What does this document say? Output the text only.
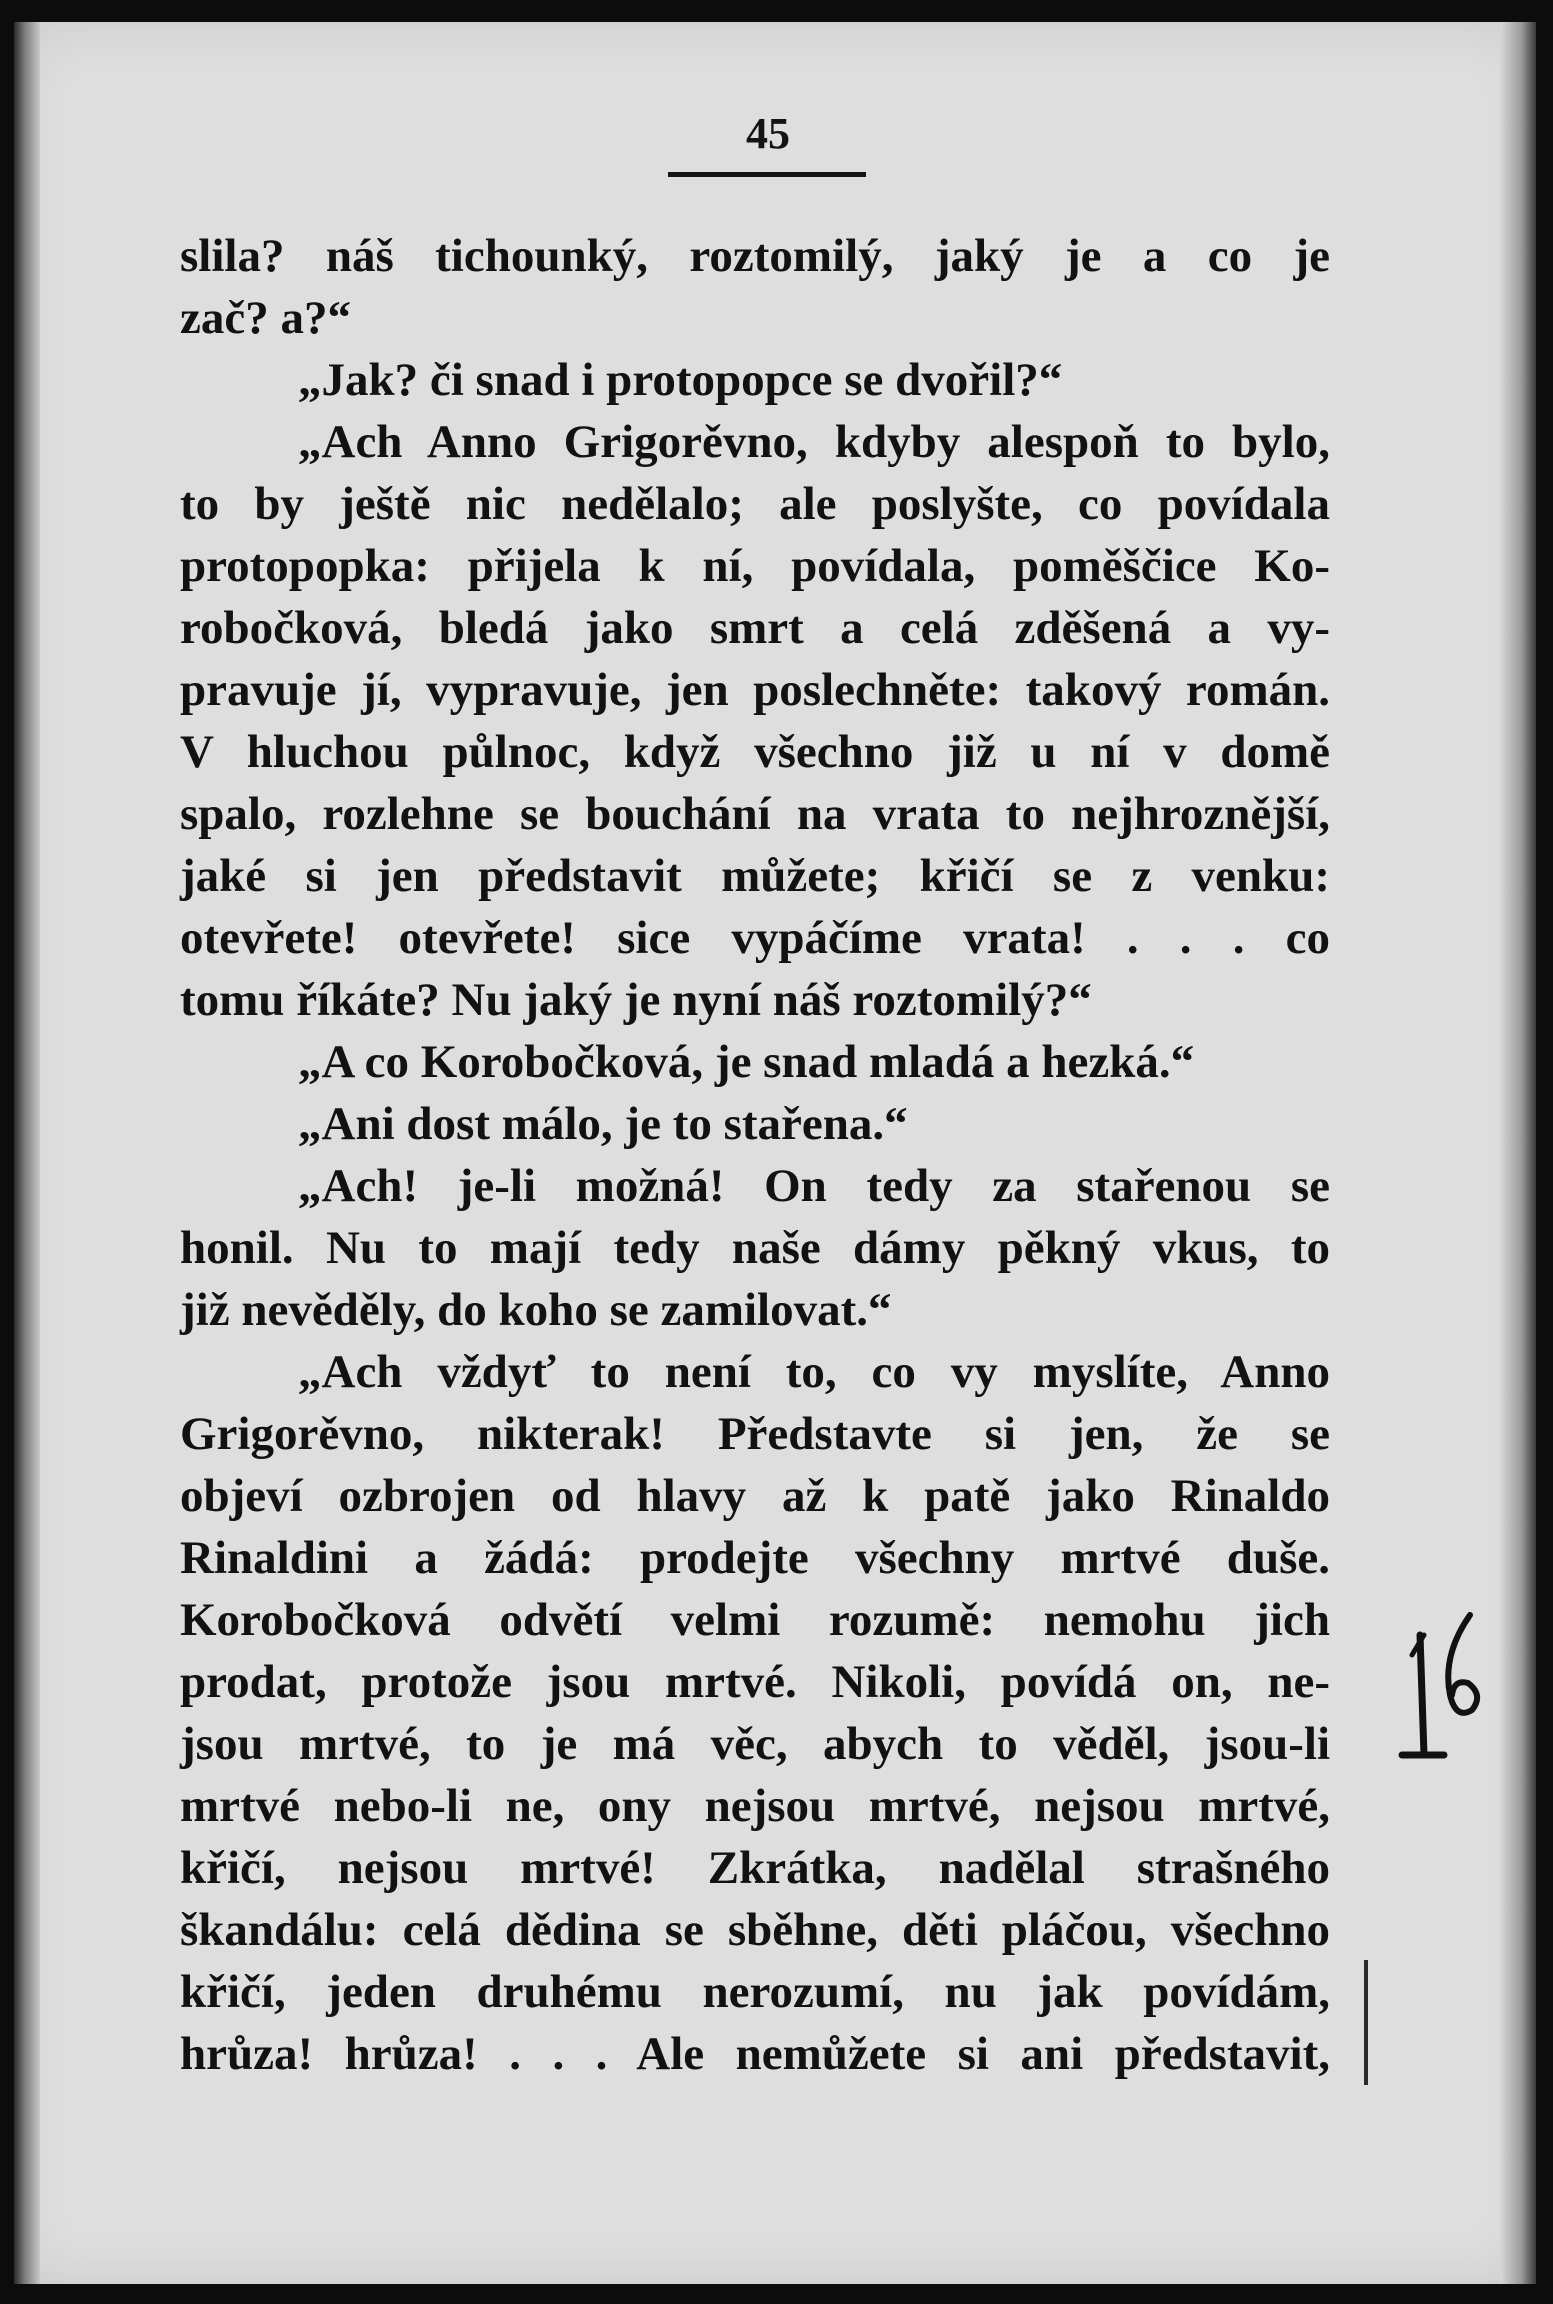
45
slila? náš tichounký, roztomilý, jaký je a co je
zač? a?“
„Jak? či snad i protopopce se dvořil?“
„Ach Anno Grigorěvno, kdyby alespoň to bylo,
to by ještě nic nedělalo; ale poslyšte, co povídala
protopopka: přijela k ní, povídala, poměščice Ko-
robočková, bledá jako smrt a celá zděšená a vy-
pravuje jí, vypravuje, jen poslechněte: takový román.
V hluchou půlnoc, když všechno již u ní v domě
spalo, rozlehne se bouchání na vrata to nejhroznější,
jaké si jen představit můžete; křičí se z venku:
otevřete! otevřete! sice vypáčíme vrata! . . . co
tomu říkáte? Nu jaký je nyní náš roztomilý?“
„A co Korobočková, je snad mladá a hezká.“
„Ani dost málo, je to stařena.“
„Ach! je-li možná! On tedy za stařenou se
honil. Nu to mají tedy naše dámy pěkný vkus, to
již nevěděly, do koho se zamilovat.“
„Ach vždyť to není to, co vy myslíte, Anno
Grigorěvno, nikterak! Představte si jen, že se
objeví ozbrojen od hlavy až k patě jako Rinaldo
Rinaldini a žádá: prodejte všechny mrtvé duše.
Korobočková odvětí velmi rozumě: nemohu jich
prodat, protože jsou mrtvé. Nikoli, povídá on, ne-
jsou mrtvé, to je má věc, abych to věděl, jsou-li
mrtvé nebo-li ne, ony nejsou mrtvé, nejsou mrtvé,
křičí, nejsou mrtvé! Zkrátka, nadělal strašného
škandálu: celá dědina se sběhne, děti pláčou, všechno
křičí, jeden druhému nerozumí, nu jak povídám,
hrůza! hrůza! . . . Ale nemůžete si ani představit,
